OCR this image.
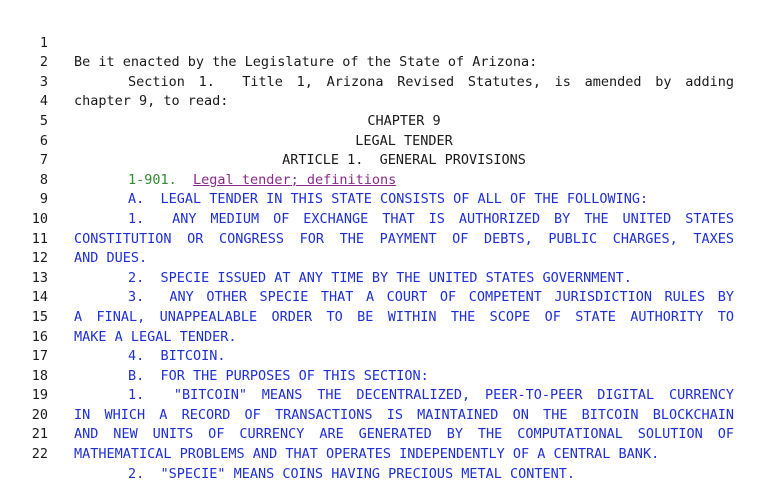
1

Be it enacted by the Legislature of the State of Arizona:

2

Section 1.  Title 1, Arizona Revised Statutes, is amended by adding

3

chapter 9, to read:

4

CHAPTER 9

5

LEGAL TENDER

6

ARTICLE 1.  GENERAL PROVISIONS

7

1-901. Legal tender; definitions

8

A.  LEGAL TENDER IN THIS STATE CONSISTS OF ALL OF THE FOLLOWING:

9

1.  ANY MEDIUM OF EXCHANGE THAT IS AUTHORIZED BY THE UNITED STATES

10

CONSTITUTION OR CONGRESS FOR THE PAYMENT OF DEBTS, PUBLIC CHARGES, TAXES

11

AND DUES.

12

2.  SPECIE ISSUED AT ANY TIME BY THE UNITED STATES GOVERNMENT.

13

3.  ANY OTHER SPECIE THAT A COURT OF COMPETENT JURISDICTION RULES BY

14

A FINAL, UNAPPEALABLE ORDER TO BE WITHIN THE SCOPE OF STATE AUTHORITY TO

15

MAKE A LEGAL TENDER.

16

4.  BITCOIN.

17

B.  FOR THE PURPOSES OF THIS SECTION:

18

1.  "BITCOIN" MEANS THE DECENTRALIZED, PEER-TO-PEER DIGITAL CURRENCY

19

IN WHICH A RECORD OF TRANSACTIONS IS MAINTAINED ON THE BITCOIN BLOCKCHAIN

20

AND NEW UNITS OF CURRENCY ARE GENERATED BY THE COMPUTATIONAL SOLUTION OF

21

MATHEMATICAL PROBLEMS AND THAT OPERATES INDEPENDENTLY OF A CENTRAL BANK.

22

2.  "SPECIE" MEANS COINS HAVING PRECIOUS METAL CONTENT.
